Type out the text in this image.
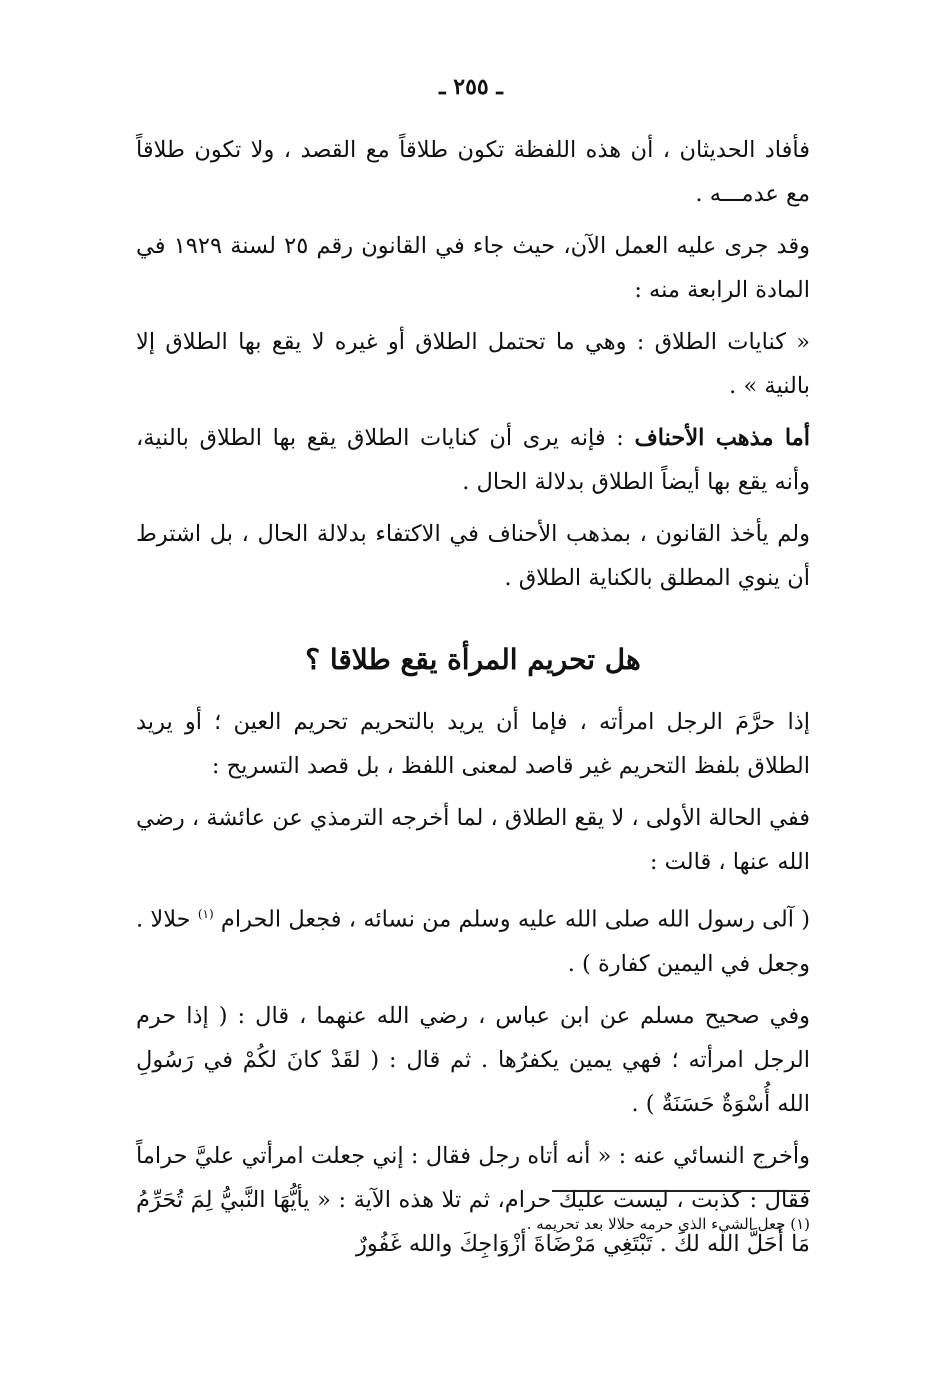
ـ ٢٥٥ ـ

فأفاد الحديثان ، أن هذه اللفظة تكون طلاقاً مع القصد ، ولا تكون طلاقاً مع عدمـــه .

وقد جرى عليه العمل الآن، حيث جاء في القانون رقم ٢٥ لسنة ١٩٢٩ في المادة الرابعة منه :

« كنايات الطلاق : وهي ما تحتمل الطلاق أو غيره لا يقع بها الطلاق إلا بالنية » .

أما مذهب الأحناف : فإنه يرى أن كنايات الطلاق يقع بها الطلاق بالنية، وأنه يقع بها أيضاً الطلاق بدلالة الحال .

ولم يأخذ القانون ، بمذهب الأحناف في الاكتفاء بدلالة الحال ، بل اشترط أن ينوي المطلق بالكناية الطلاق .

هل تحريم المرأة يقع طلاقا ؟

إذا حرَّمَ الرجل امرأته ، فإما أن يريد بالتحريم تحريم العين ؛ أو يريد الطلاق بلفظ التحريم غير قاصد لمعنى اللفظ ، بل قصد التسريح :

ففي الحالة الأولى ، لا يقع الطلاق ، لما أخرجه الترمذي عن عائشة ، رضي الله عنها ، قالت :

( آلى رسول الله صلى الله عليه وسلم من نسائه ، فجعل الحرام $^{(١)}$ حلالا . وجعل في اليمين كفارة ) .

وفي صحيح مسلم عن ابن عباس ، رضي الله عنهما ، قال : ( إذا حرم الرجل امرأته ؛ فهي يمين يكفرُها . ثم قال : ( لقَدْ كانَ لكُمْ في رَسُولِ الله أُسْوَةٌ حَسَنَةٌ ) .

وأخرج النسائي عنه : « أنه أتاه رجل فقال : إني جعلت امرأتي عليَّ حراماً فقال : كذبت ، ليست عليك حرام، ثم تلا هذه الآية : « يأيُّهَا النَّبيُّ لِمَ تُحَرِّمُ مَا أَحَلَّ الله لكَ . تَبْتَغِي مَرْضَاةَ أزْوَاجِكَ والله غَفُورٌ

(١) جعل الشيء الذي حرمه حلالا بعد تحريمه .
